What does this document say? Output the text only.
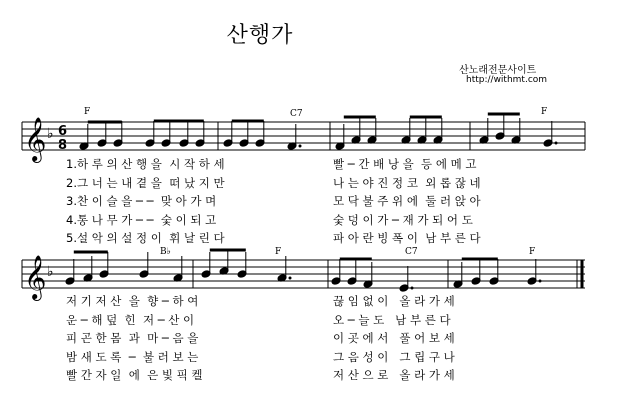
산행가
산노래전문사이트
http://withmt.com
𝄞 ♭ 6
8
F	C7	F
𝄞 ♭
B♭	F	C7	F
1.하 루 의 산 행 을  시 작 하 세
2.그 너 는 내 곁 을  떠 났 지 만
3.찬 이 슬 을 ─ ─  맞 아 가 며
4.통 나 무 가 ─ ─  숯 이 되 고
5.설 악 의 설 정 이  휘 날 린 다
빨 ─ 간 배 낭 을  등 에 메 고
나 는 야 진 정 코  외 롭 잖 네
모 닥 불 주 위 에  둘 러 앉 아
숯 덩 이 가 ─ 재 가 되 어 도
파 아 란 빙 폭 이  남 부 른 다
저 기 저 산  을  향 ─ 하 여
운 ─ 해 덮  힌  저 ─ 산 이
피 곤 한 몸  과  마 ─ 음 을
밤 새 도 록  ─  불 러 보 는
빨 간 자 일  에  은 빛 픽 켈
끊 임 없 이   올 라 가 세
오 ─ 늘 도   남 부 른 다
이 곳 에 서   풀 어 보 세
그 음 성 이   그 립 구 나
저 산 으 로   올 라 가 세
